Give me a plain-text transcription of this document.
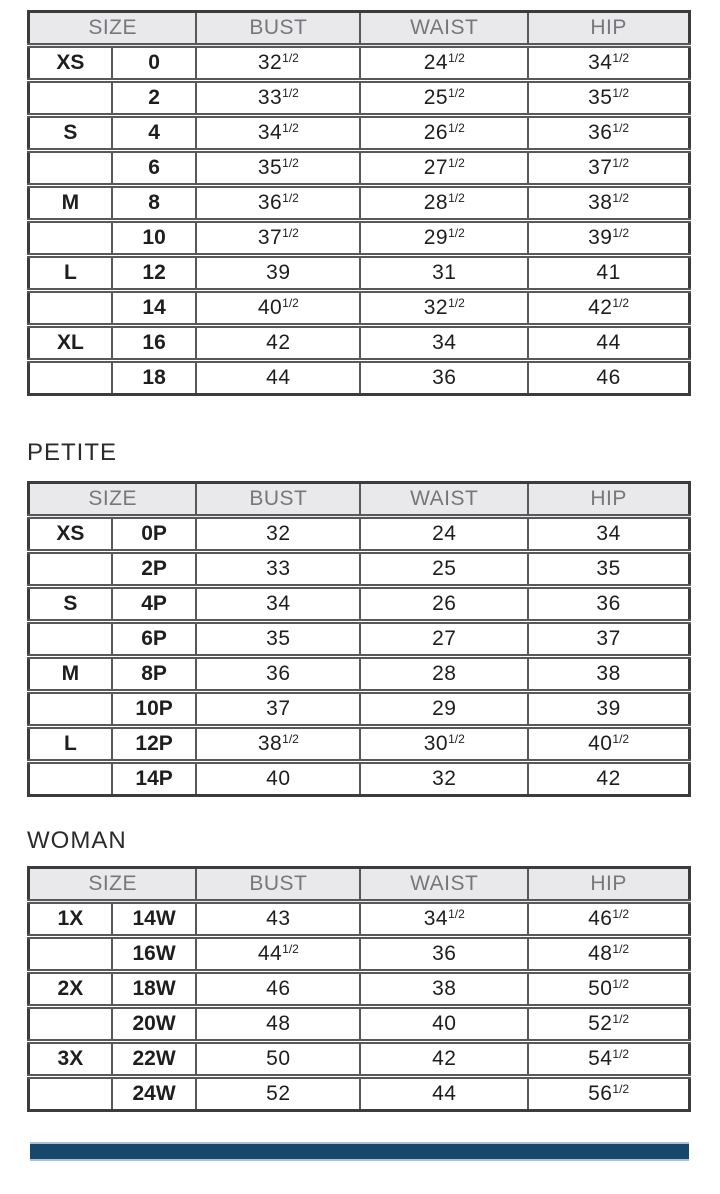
SIZE		BUST	WAIST	HIP
XS	0	$32^{1/2}$	$24^{1/2}$	$34^{1/2}$
	2	$33^{1/2}$	$25^{1/2}$	$35^{1/2}$
S	4	$34^{1/2}$	$26^{1/2}$	$36^{1/2}$
	6	$35^{1/2}$	$27^{1/2}$	$37^{1/2}$
M	8	$36^{1/2}$	$28^{1/2}$	$38^{1/2}$
	10	$37^{1/2}$	$29^{1/2}$	$39^{1/2}$
L	12	39	31	41
	14	$40^{1/2}$	$32^{1/2}$	$42^{1/2}$
XL	16	42	34	44
	18	44	36	46
PETITE
SIZE		BUST	WAIST	HIP
XS	0P	32	24	34
	2P	33	25	35
S	4P	34	26	36
	6P	35	27	37
M	8P	36	28	38
	10P	37	29	39
L	12P	$38^{1/2}$	$30^{1/2}$	$40^{1/2}$
	14P	40	32	42
WOMAN
SIZE		BUST	WAIST	HIP
1X	14W	43	$34^{1/2}$	$46^{1/2}$
	16W	$44^{1/2}$	36	$48^{1/2}$
2X	18W	46	38	$50^{1/2}$
	20W	48	40	$52^{1/2}$
3X	22W	50	42	$54^{1/2}$
	24W	52	44	$56^{1/2}$
